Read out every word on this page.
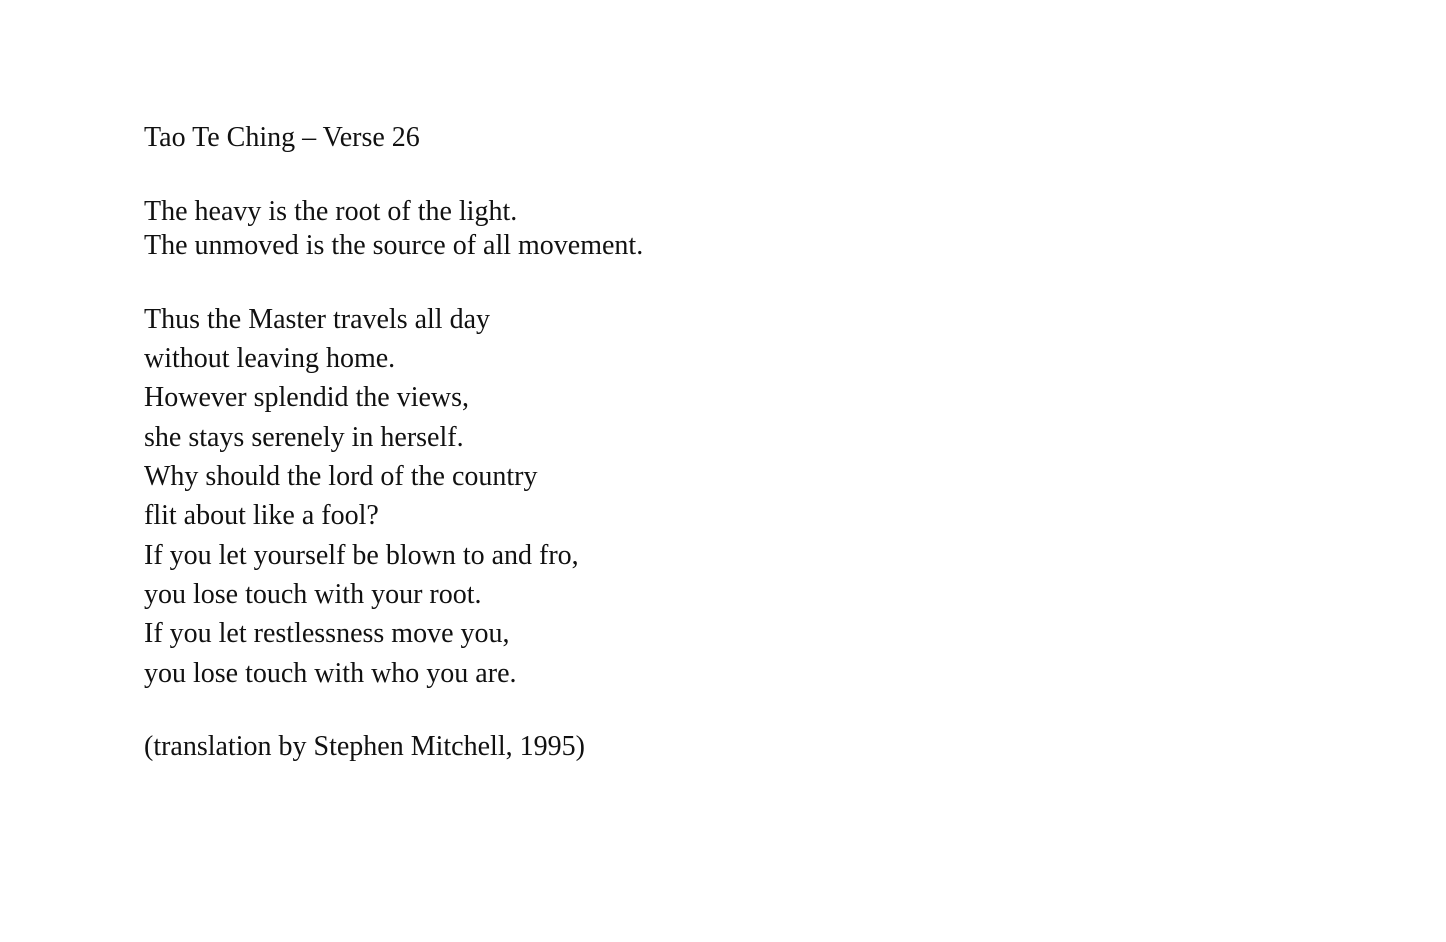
Tao Te Ching – Verse 26
The heavy is the root of the light.
The unmoved is the source of all movement.
Thus the Master travels all day
without leaving home.
However splendid the views,
she stays serenely in herself.
Why should the lord of the country
flit about like a fool?
If you let yourself be blown to and fro,
you lose touch with your root.
If you let restlessness move you,
you lose touch with who you are.
(translation by Stephen Mitchell, 1995)
